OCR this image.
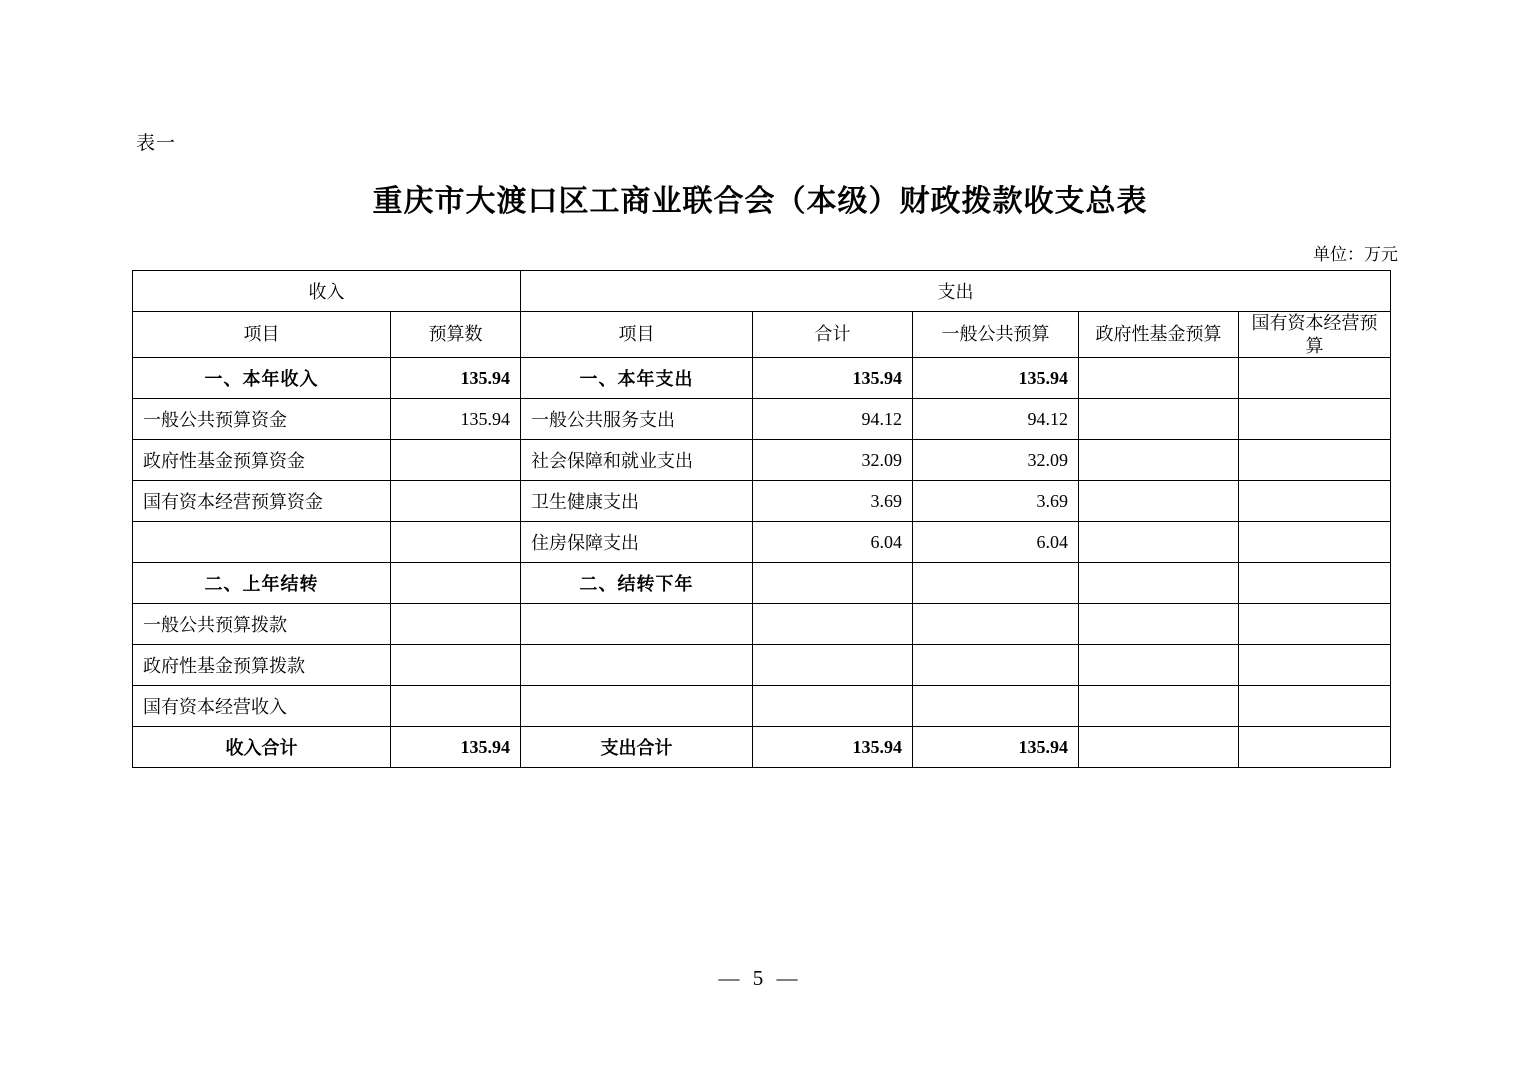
表一
重庆市大渡口区工商业联合会（本级）财政拨款收支总表
单位：万元
收入		支出				
项目	预算数	项目	合计	一般公共预算	政府性基金预算	国有资本经营预算
一、本年收入	135.94	一、本年支出	135.94	135.94		
一般公共预算资金	135.94	一般公共服务支出	94.12	94.12		
政府性基金预算资金		社会保障和就业支出	32.09	32.09		
国有资本经营预算资金		卫生健康支出	3.69	3.69		
		住房保障支出	6.04	6.04		
二、上年结转		二、结转下年				
一般公共预算拨款						
政府性基金预算拨款						
国有资本经营收入						
收入合计	135.94	支出合计	135.94	135.94		
— 5 —
